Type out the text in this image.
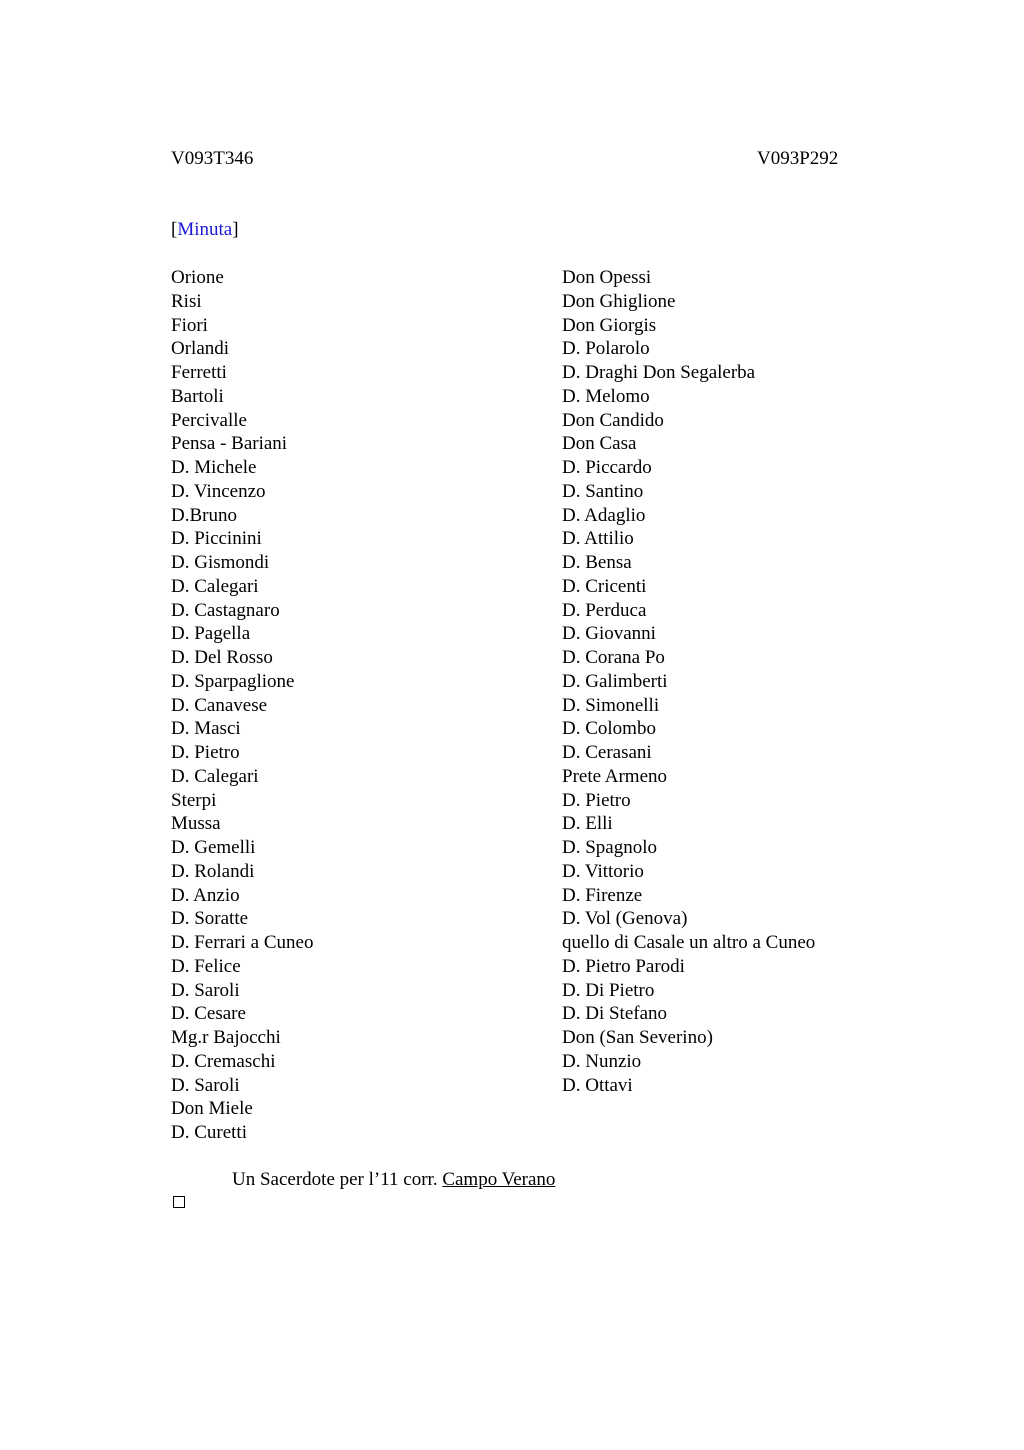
V093T346	V093P292
[Minuta]
Orione
Risi
Fiori
Orlandi
Ferretti
Bartoli
Percivalle
Pensa - Bariani
D. Michele
D. Vincenzo
D.Bruno
D. Piccinini
D. Gismondi
D. Calegari
D. Castagnaro
D. Pagella
D. Del Rosso
D. Sparpaglione
D. Canavese
D. Masci
D. Pietro
D. Calegari
Sterpi
Mussa
D. Gemelli
D. Rolandi
D. Anzio
D. Soratte
D. Ferrari a Cuneo
D. Felice
D. Saroli
D. Cesare
Mg.r Bajocchi
D. Cremaschi
D. Saroli
Don Miele
D. Curetti
Don Opessi
Don Ghiglione
Don Giorgis
D. Polarolo
D. Draghi Don Segalerba
D. Melomo
Don Candido
Don Casa
D. Piccardo
D. Santino
D. Adaglio
D. Attilio
D. Bensa
D. Cricenti
D. Perduca
D. Giovanni
D. Corana Po
D. Galimberti
D. Simonelli
D. Colombo
D. Cerasani
Prete Armeno
D. Pietro
D. Elli
D. Spagnolo
D. Vittorio
D. Firenze
D. Vol (Genova)
quello di Casale un altro a Cuneo
D. Pietro Parodi
D. Di Pietro
D. Di Stefano
Don (San Severino)
D. Nunzio
D. Ottavi
Un Sacerdote per l’11 corr. Campo Verano
